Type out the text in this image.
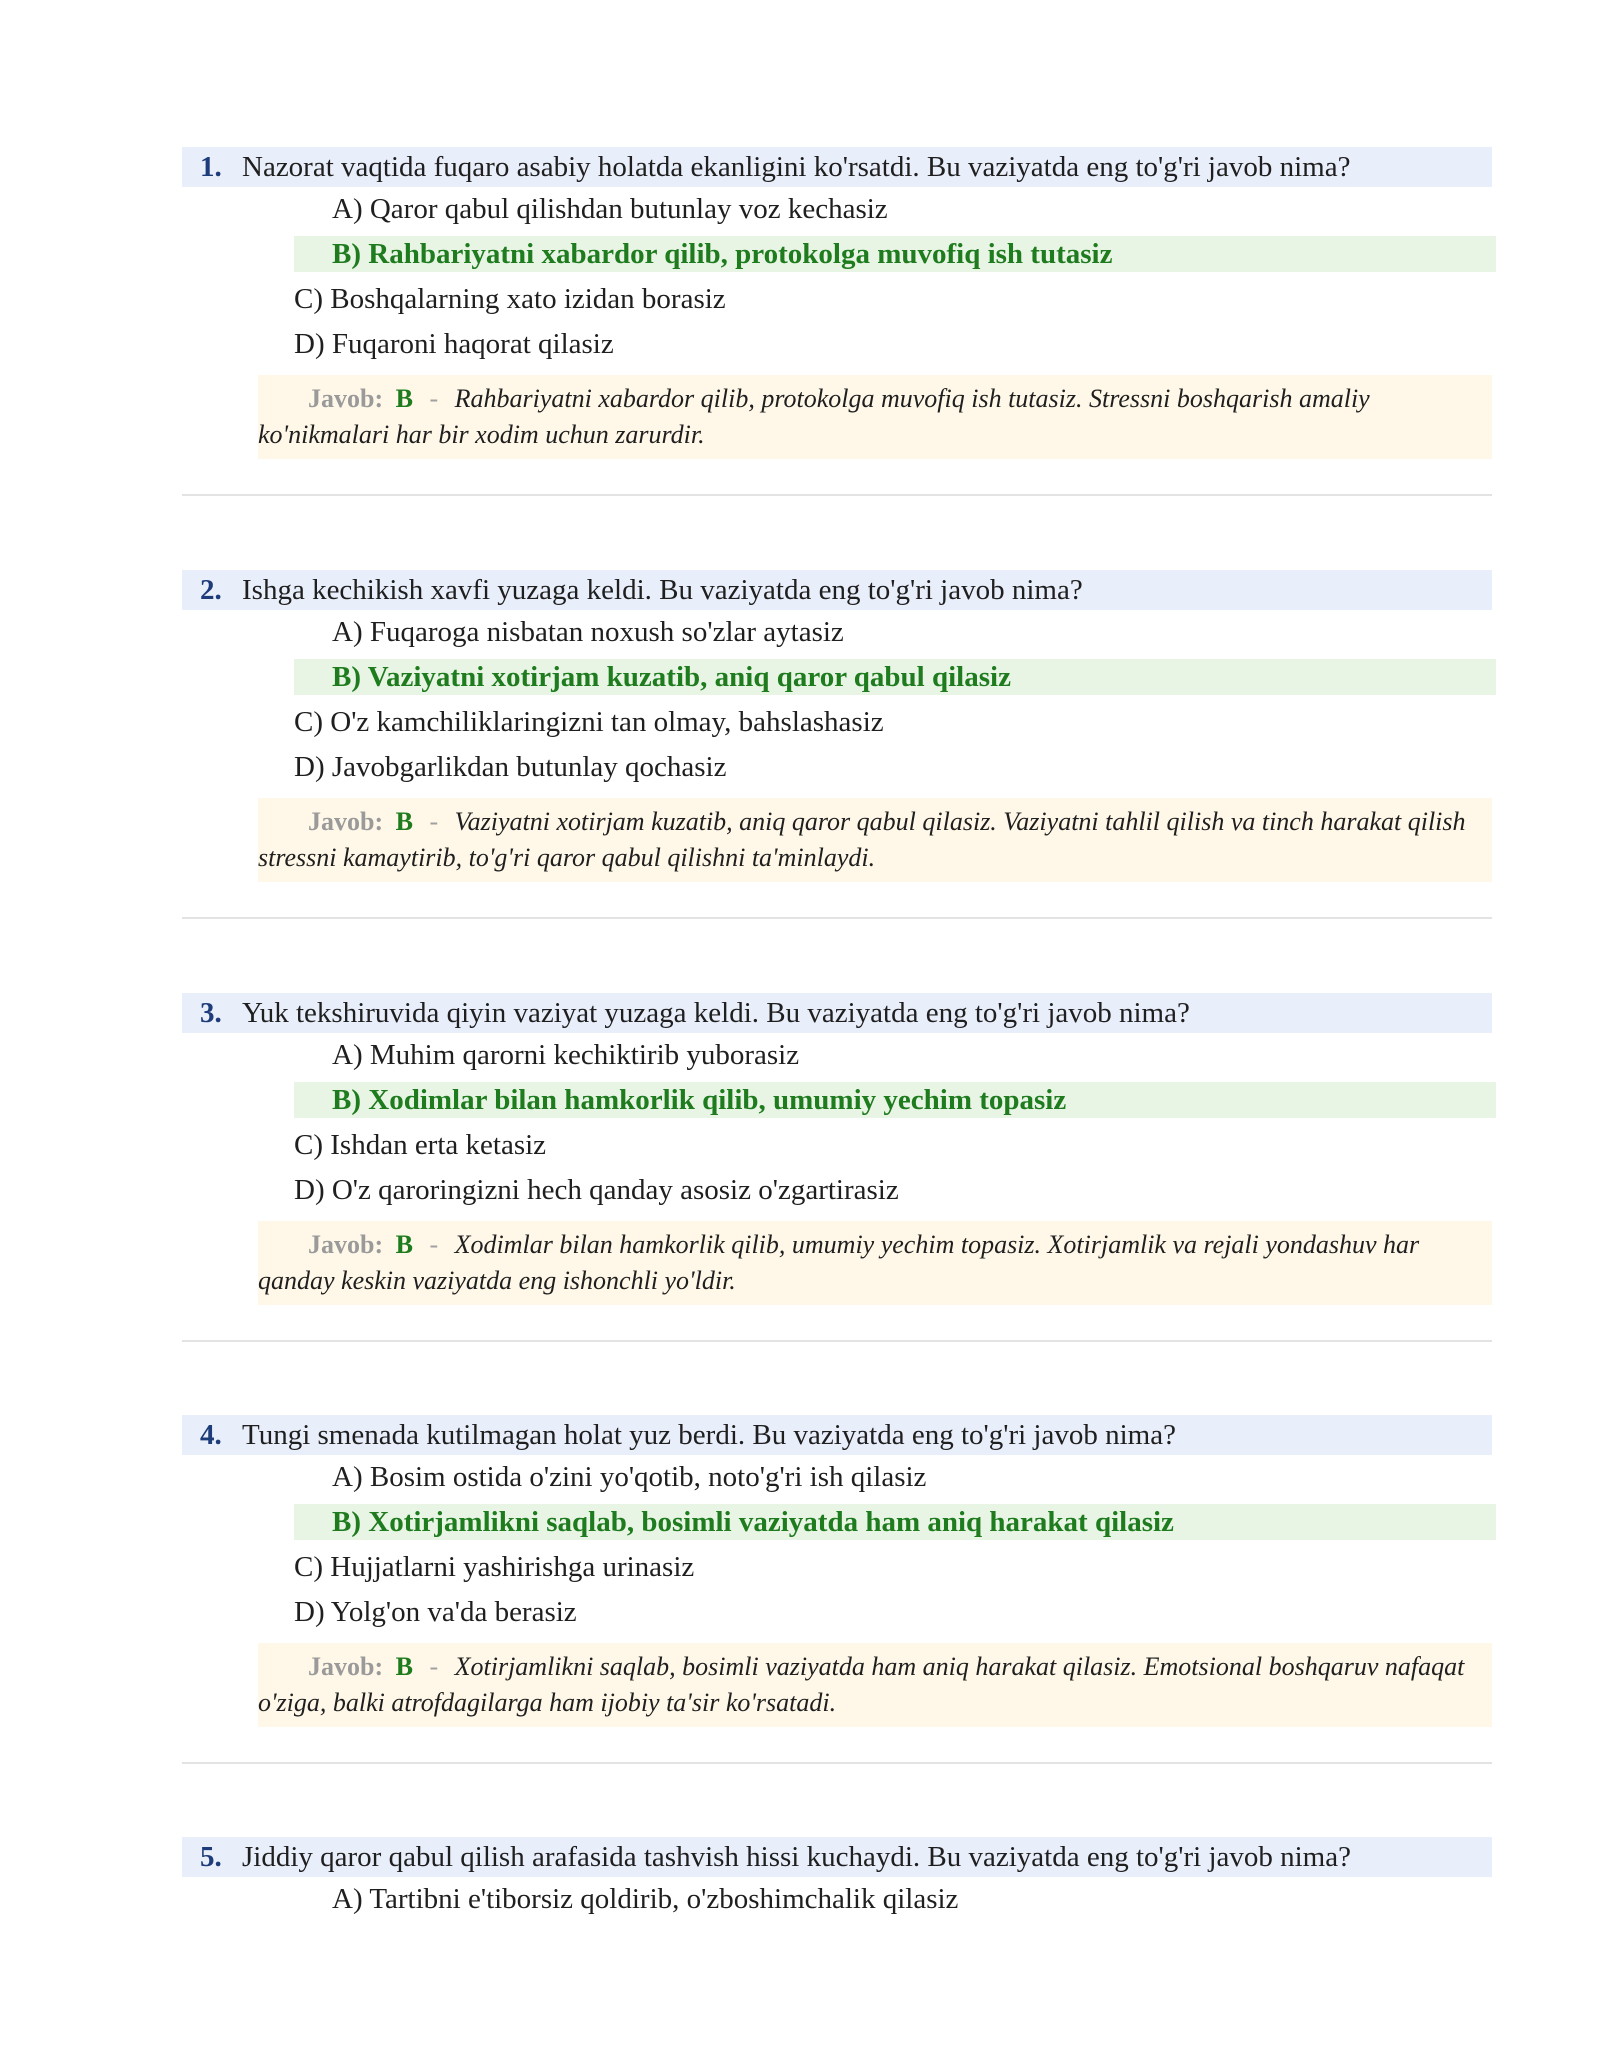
1. Nazorat vaqtida fuqaro asabiy holatda ekanligini ko'rsatdi. Bu vaziyatda eng to'g'ri javob nima?
A) Qaror qabul qilishdan butunlay voz kechasiz
B) Rahbariyatni xabardor qilib, protokolga muvofiq ish tutasiz
C) Boshqalarning xato izidan borasiz
D) Fuqaroni haqorat qilasiz
Javob: B - Rahbariyatni xabardor qilib, protokolga muvofiq ish tutasiz. Stressni boshqarish amaliy ko'nikmalari har bir xodim uchun zarurdir.
2. Ishga kechikish xavfi yuzaga keldi. Bu vaziyatda eng to'g'ri javob nima?
A) Fuqaroga nisbatan noxush so'zlar aytasiz
B) Vaziyatni xotirjam kuzatib, aniq qaror qabul qilasiz
C) O'z kamchiliklaringizni tan olmay, bahslashasiz
D) Javobgarlikdan butunlay qochasiz
Javob: B - Vaziyatni xotirjam kuzatib, aniq qaror qabul qilasiz. Vaziyatni tahlil qilish va tinch harakat qilish stressni kamaytirib, to'g'ri qaror qabul qilishni ta'minlaydi.
3. Yuk tekshiruvida qiyin vaziyat yuzaga keldi. Bu vaziyatda eng to'g'ri javob nima?
A) Muhim qarorni kechiktirib yuborasiz
B) Xodimlar bilan hamkorlik qilib, umumiy yechim topasiz
C) Ishdan erta ketasiz
D) O'z qaroringizni hech qanday asosiz o'zgartirasiz
Javob: B - Xodimlar bilan hamkorlik qilib, umumiy yechim topasiz. Xotirjamlik va rejali yondashuv har qanday keskin vaziyatda eng ishonchli yo'ldir.
4. Tungi smenada kutilmagan holat yuz berdi. Bu vaziyatda eng to'g'ri javob nima?
A) Bosim ostida o'zini yo'qotib, noto'g'ri ish qilasiz
B) Xotirjamlikni saqlab, bosimli vaziyatda ham aniq harakat qilasiz
C) Hujjatlarni yashirishga urinasiz
D) Yolg'on va'da berasiz
Javob: B - Xotirjamlikni saqlab, bosimli vaziyatda ham aniq harakat qilasiz. Emotsional boshqaruv nafaqat o'ziga, balki atrofdagilarga ham ijobiy ta'sir ko'rsatadi.
5. Jiddiy qaror qabul qilish arafasida tashvish hissi kuchaydi. Bu vaziyatda eng to'g'ri javob nima?
A) Tartibni e'tiborsiz qoldirib, o'zboshimchalik qilasiz
